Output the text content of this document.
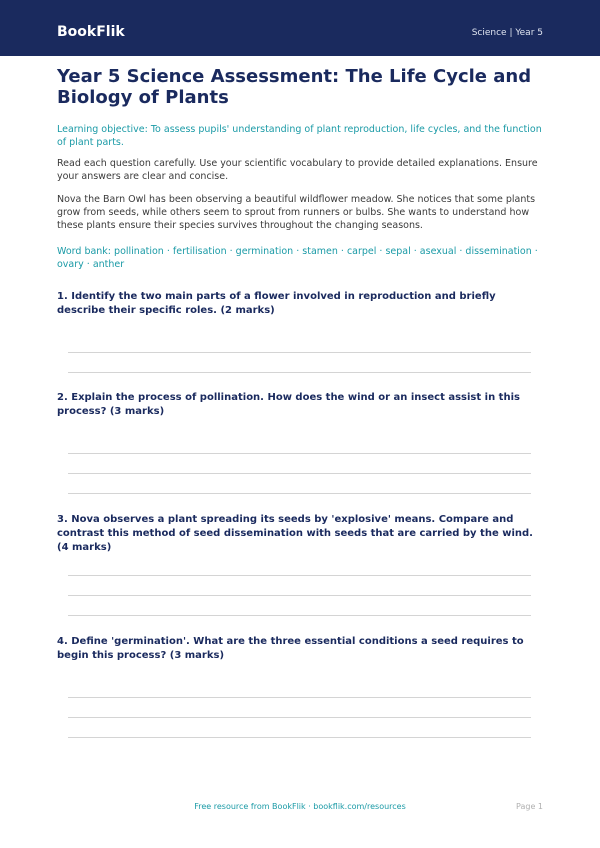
BookFlik	Science | Year 5
Year 5 Science Assessment: The Life Cycle and Biology of Plants

Learning objective: To assess pupils' understanding of plant reproduction, life cycles, and the function of plant parts.

Read each question carefully. Use your scientific vocabulary to provide detailed explanations. Ensure your answers are clear and concise.

Nova the Barn Owl has been observing a beautiful wildflower meadow. She notices that some plants grow from seeds, while others seem to sprout from runners or bulbs. She wants to understand how these plants ensure their species survives throughout the changing seasons.

Word bank: pollination · fertilisation · germination · stamen · carpel · sepal · asexual · dissemination · ovary · anther

1. Identify the two main parts of a flower involved in reproduction and briefly describe their specific roles. (2 marks)

2. Explain the process of pollination. How does the wind or an insect assist in this process? (3 marks)

3. Nova observes a plant spreading its seeds by 'explosive' means. Compare and contrast this method of seed dissemination with seeds that are carried by the wind. (4 marks)

4. Define 'germination'. What are the three essential conditions a seed requires to begin this process? (3 marks)

Free resource from BookFlik · bookflik.com/resources	Page 1
